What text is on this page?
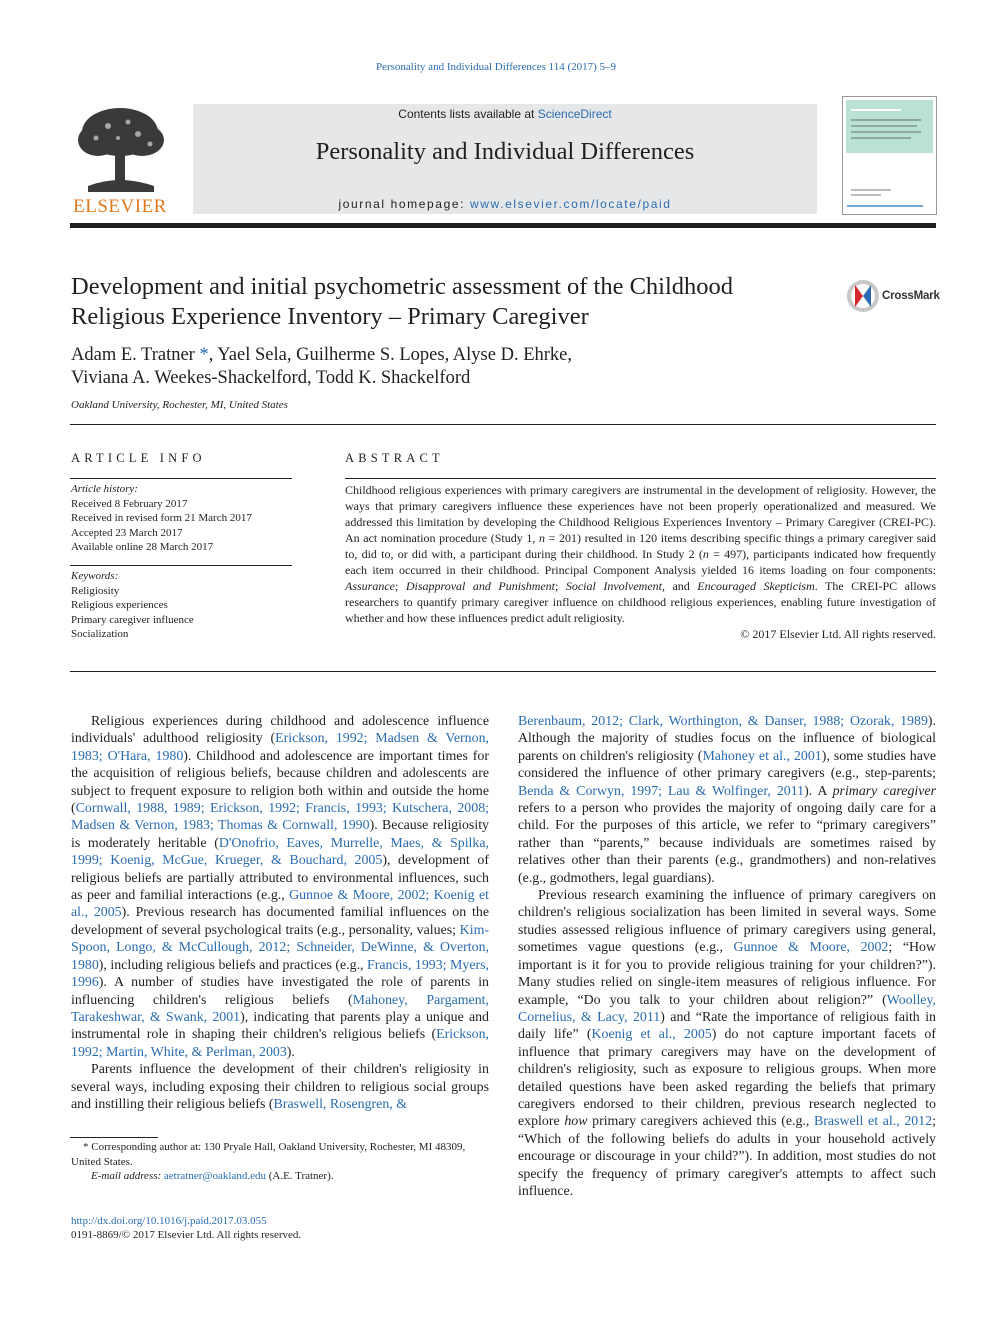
Personality and Individual Differences 114 (2017) 5–9
ELSEVIER
Contents lists available at ScienceDirect
Personality and Individual Differences
journal homepage: www.elsevier.com/locate/paid
Development and initial psychometric assessment of the Childhood Religious Experience Inventory – Primary Caregiver
CrossMark
Adam E. Tratner *, Yael Sela, Guilherme S. Lopes, Alyse D. Ehrke,
Viviana A. Weekes-Shackelford, Todd K. Shackelford
Oakland University, Rochester, MI, United States
ARTICLE INFO	ABSTRACT
Article history:
Received 8 February 2017
Received in revised form 21 March 2017
Accepted 23 March 2017
Available online 28 March 2017
Keywords:
Religiosity
Religious experiences
Primary caregiver influence
Socialization
Childhood religious experiences with primary caregivers are instrumental in the development of religiosity. However, the ways that primary caregivers influence these experiences have not been properly operationalized and measured. We addressed this limitation by developing the Childhood Religious Experiences Inventory – Primary Caregiver (CREI-PC). An act nomination procedure (Study 1, n = 201) resulted in 120 items describing specific things a primary caregiver said to, did to, or did with, a participant during their childhood. In Study 2 (n = 497), participants indicated how frequently each item occurred in their childhood. Principal Component Analysis yielded 16 items loading on four components: Assurance; Disapproval and Punishment; Social Involvement, and Encouraged Skepticism. The CREI-PC allows researchers to quantify primary caregiver influence on childhood religious experiences, enabling future investigation of whether and how these influences predict adult religiosity.
© 2017 Elsevier Ltd. All rights reserved.

Religious experiences during childhood and adolescence influence individuals' adulthood religiosity (Erickson, 1992; Madsen & Vernon, 1983; O'Hara, 1980). Childhood and adolescence are important times for the acquisition of religious beliefs, because children and adolescents are subject to frequent exposure to religion both within and outside the home (Cornwall, 1988, 1989; Erickson, 1992; Francis, 1993; Kutschera, 2008; Madsen & Vernon, 1983; Thomas & Cornwall, 1990). Because religiosity is moderately heritable (D'Onofrio, Eaves, Murrelle, Maes, & Spilka, 1999; Koenig, McGue, Krueger, & Bouchard, 2005), development of religious beliefs are partially attributed to environmental influences, such as peer and familial interactions (e.g., Gunnoe & Moore, 2002; Koenig et al., 2005). Previous research has documented familial influences on the development of several psychological traits (e.g., personality, values; Kim-Spoon, Longo, & McCullough, 2012; Schneider, DeWinne, & Overton, 1980), including religious beliefs and practices (e.g., Francis, 1993; Myers, 1996). A number of studies have investigated the role of parents in influencing children's religious beliefs (Mahoney, Pargament, Tarakeshwar, & Swank, 2001), indicating that parents play a unique and instrumental role in shaping their children's religious beliefs (Erickson, 1992; Martin, White, & Perlman, 2003).

Parents influence the development of their children's religiosity in several ways, including exposing their children to religious social groups and instilling their religious beliefs (Braswell, Rosengren, &

Berenbaum, 2012; Clark, Worthington, & Danser, 1988; Ozorak, 1989). Although the majority of studies focus on the influence of biological parents on children's religiosity (Mahoney et al., 2001), some studies have considered the influence of other primary caregivers (e.g., step-parents; Benda & Corwyn, 1997; Lau & Wolfinger, 2011). A primary caregiver refers to a person who provides the majority of ongoing daily care for a child. For the purposes of this article, we refer to “primary caregivers” rather than “parents,” because individuals are sometimes raised by relatives other than their parents (e.g., grandmothers) and non-relatives (e.g., godmothers, legal guardians).

Previous research examining the influence of primary caregivers on children's religious socialization has been limited in several ways. Some studies assessed religious influence of primary caregivers using general, sometimes vague questions (e.g., Gunnoe & Moore, 2002; “How important is it for you to provide religious training for your children?”). Many studies relied on single-item measures of religious influence. For example, “Do you talk to your children about religion?” (Woolley, Cornelius, & Lacy, 2011) and “Rate the importance of religious faith in daily life” (Koenig et al., 2005) do not capture important facets of influence that primary caregivers may have on the development of children's religiosity, such as exposure to religious groups. When more detailed questions have been asked regarding the beliefs that primary caregivers endorsed to their children, previous research neglected to explore how primary caregivers achieved this (e.g., Braswell et al., 2012; “Which of the following beliefs do adults in your household actively encourage or discourage in your child?”). In addition, most studies do not specify the frequency of primary caregiver's attempts to affect such influence.

* Corresponding author at: 130 Pryale Hall, Oakland University, Rochester, MI 48309, United States.
E-mail address: aetratner@oakland.edu (A.E. Tratner).
http://dx.doi.org/10.1016/j.paid.2017.03.055
0191-8869/© 2017 Elsevier Ltd. All rights reserved.
